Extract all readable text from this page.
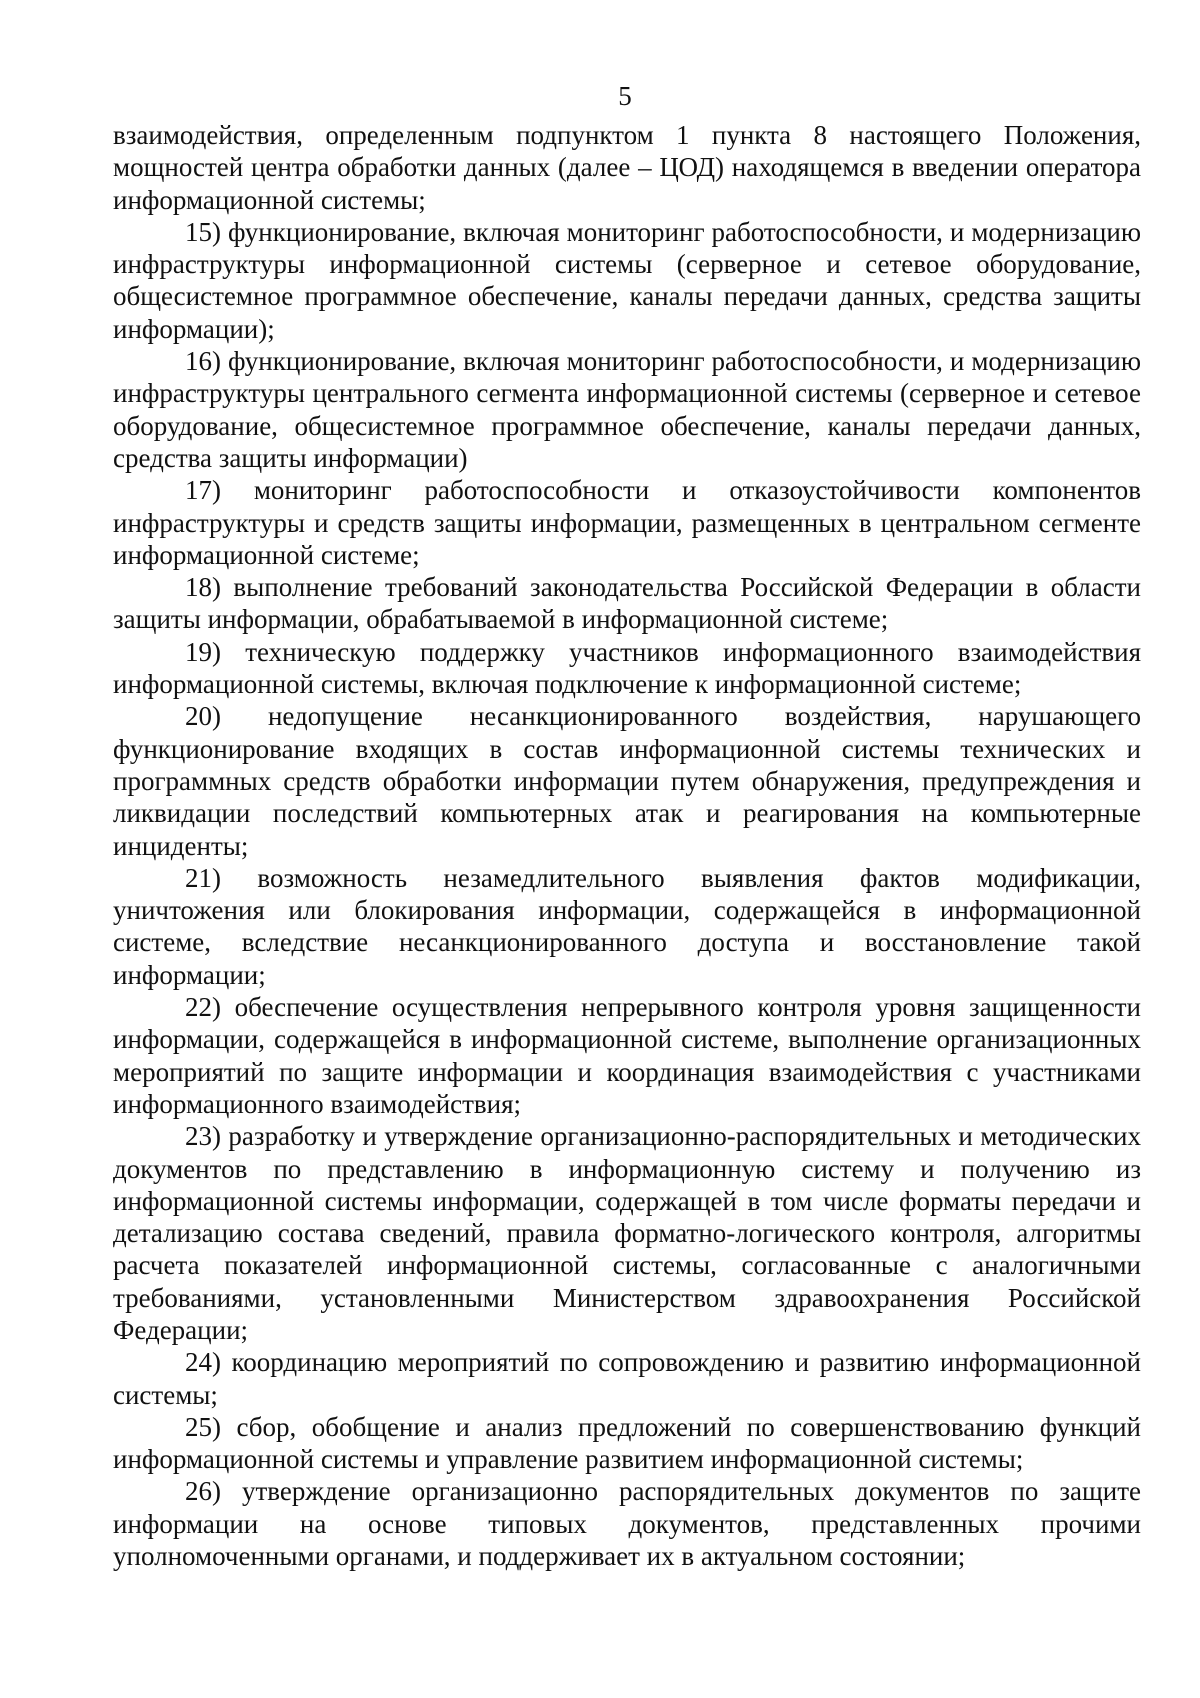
5

взаимодействия, определенным подпунктом 1 пункта 8 настоящего Положения, мощностей центра обработки данных (далее – ЦОД) находящемся в введении оператора информационной системы;

15) функционирование, включая мониторинг работоспособности, и модернизацию инфраструктуры информационной системы (серверное и сетевое оборудование, общесистемное программное обеспечение, каналы передачи данных, средства защиты информации);

16) функционирование, включая мониторинг работоспособности, и модернизацию инфраструктуры центрального сегмента информационной системы (серверное и сетевое оборудование, общесистемное программное обеспечение, каналы передачи данных, средства защиты информации)

17) мониторинг работоспособности и отказоустойчивости компонентов инфраструктуры и средств защиты информации, размещенных в центральном сегменте информационной системе;

18) выполнение требований законодательства Российской Федерации в области защиты информации, обрабатываемой в информационной системе;

19) техническую поддержку участников информационного взаимодействия информационной системы, включая подключение к информационной системе;

20) недопущение несанкционированного воздействия, нарушающего функционирование входящих в состав информационной системы технических и программных средств обработки информации путем обнаружения, предупреждения и ликвидации последствий компьютерных атак и реагирования на компьютерные инциденты;

21) возможность незамедлительного выявления фактов модификации, уничтожения или блокирования информации, содержащейся в информационной системе, вследствие несанкционированного доступа и восстановление такой информации;

22) обеспечение осуществления непрерывного контроля уровня защищенности информации, содержащейся в информационной системе, выполнение организационных мероприятий по защите информации и координация взаимодействия с участниками информационного взаимодействия;

23) разработку и утверждение организационно-распорядительных и методических документов по представлению в информационную систему и получению из информационной системы информации, содержащей в том числе форматы передачи и детализацию состава сведений, правила форматно-логического контроля, алгоритмы расчета показателей информационной системы, согласованные с аналогичными требованиями, установленными Министерством здравоохранения Российской Федерации;

24) координацию мероприятий по сопровождению и развитию информационной системы;

25) сбор, обобщение и анализ предложений по совершенствованию функций информационной системы и управление развитием информационной системы;

26) утверждение организационно распорядительных документов по защите информации на основе типовых документов, представленных прочими уполномоченными органами, и поддерживает их в актуальном состоянии;
